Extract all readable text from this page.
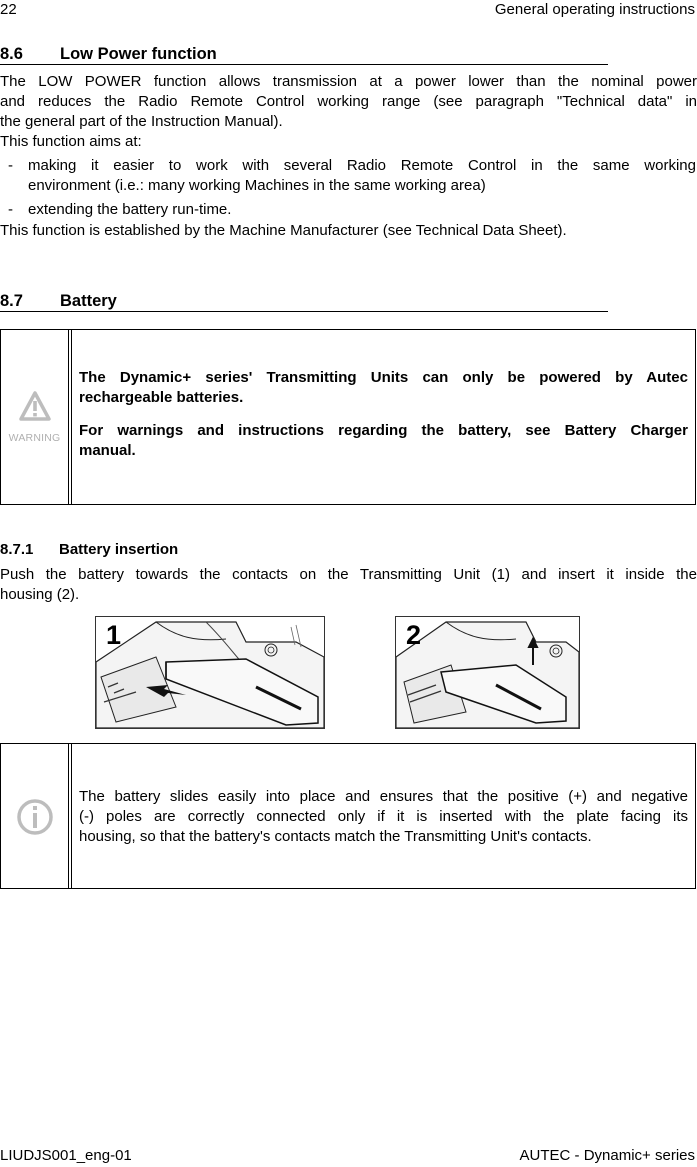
22	General operating instructions
8.6 Low Power function
The LOW POWER function allows transmission at a power lower than the nominal power
and reduces the Radio Remote Control working range (see paragraph "Technical data" in
the general part of the Instruction Manual).
This function aims at:
- making it easier to work with several Radio Remote Control in the same working
environment (i.e.: many working Machines in the same working area)
- extending the battery run-time.
This function is established by the Machine Manufacturer (see Technical Data Sheet).
8.7 Battery
WARNING
The Dynamic+ series' Transmitting Units can only be powered by Autec
rechargeable batteries.
For warnings and instructions regarding the battery, see Battery Charger
manual.
8.7.1 Battery insertion
Push the battery towards the contacts on the Transmitting Unit (1) and insert it inside the
housing (2).
1	2
The battery slides easily into place and ensures that the positive (+) and negative
(-) poles are correctly connected only if it is inserted with the plate facing its
housing, so that the battery's contacts match the Transmitting Unit's contacts.
LIUDJS001_eng-01	AUTEC - Dynamic+ series
